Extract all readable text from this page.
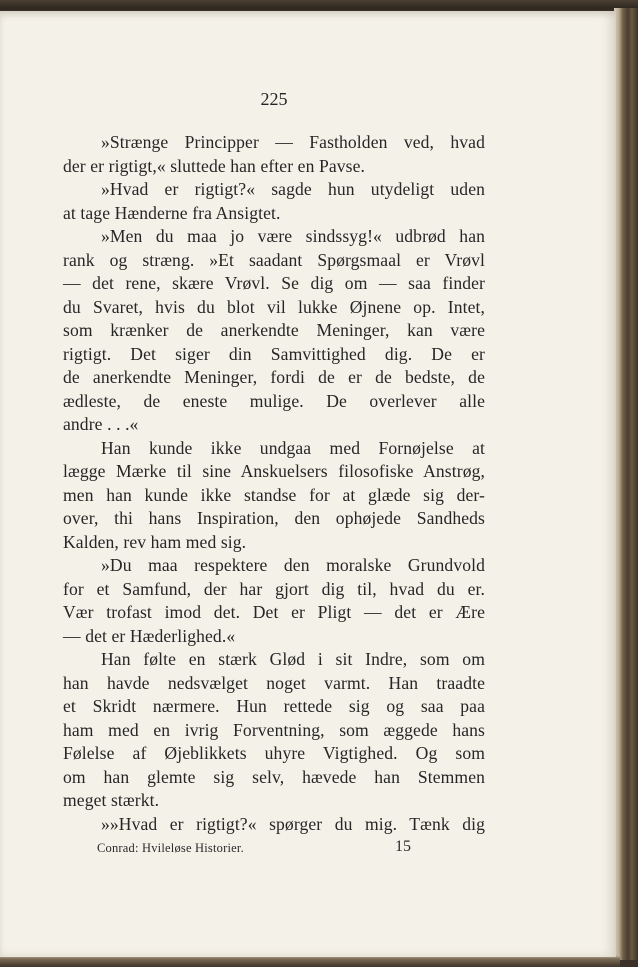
225
»Strænge Principper — Fastholden ved, hvad
der er rigtigt,« sluttede han efter en Pavse.
»Hvad er rigtigt?« sagde hun utydeligt uden
at tage Hænderne fra Ansigtet.
»Men du maa jo være sindssyg!« udbrød han
rank og stræng. »Et saadant Spørgsmaal er Vrøvl
— det rene, skære Vrøvl. Se dig om — saa finder
du Svaret, hvis du blot vil lukke Øjnene op. Intet,
som krænker de anerkendte Meninger, kan være
rigtigt. Det siger din Samvittighed dig. De er
de anerkendte Meninger, fordi de er de bedste, de
ædleste, de eneste mulige. De overlever alle
andre . . .«
Han kunde ikke undgaa med Fornøjelse at
lægge Mærke til sine Anskuelsers filosofiske Anstrøg,
men han kunde ikke standse for at glæde sig der-
over, thi hans Inspiration, den ophøjede Sandheds
Kalden, rev ham med sig.
»Du maa respektere den moralske Grundvold
for et Samfund, der har gjort dig til, hvad du er.
Vær trofast imod det. Det er Pligt — det er Ære
— det er Hæderlighed.«
Han følte en stærk Glød i sit Indre, som om
han havde nedsvælget noget varmt. Han traadte
et Skridt nærmere. Hun rettede sig og saa paa
ham med en ivrig Forventning, som æggede hans
Følelse af Øjeblikkets uhyre Vigtighed. Og som
om han glemte sig selv, hævede han Stemmen
meget stærkt.
»»Hvad er rigtigt?« spørger du mig. Tænk dig
Conrad: Hvileløse Historier.	15
